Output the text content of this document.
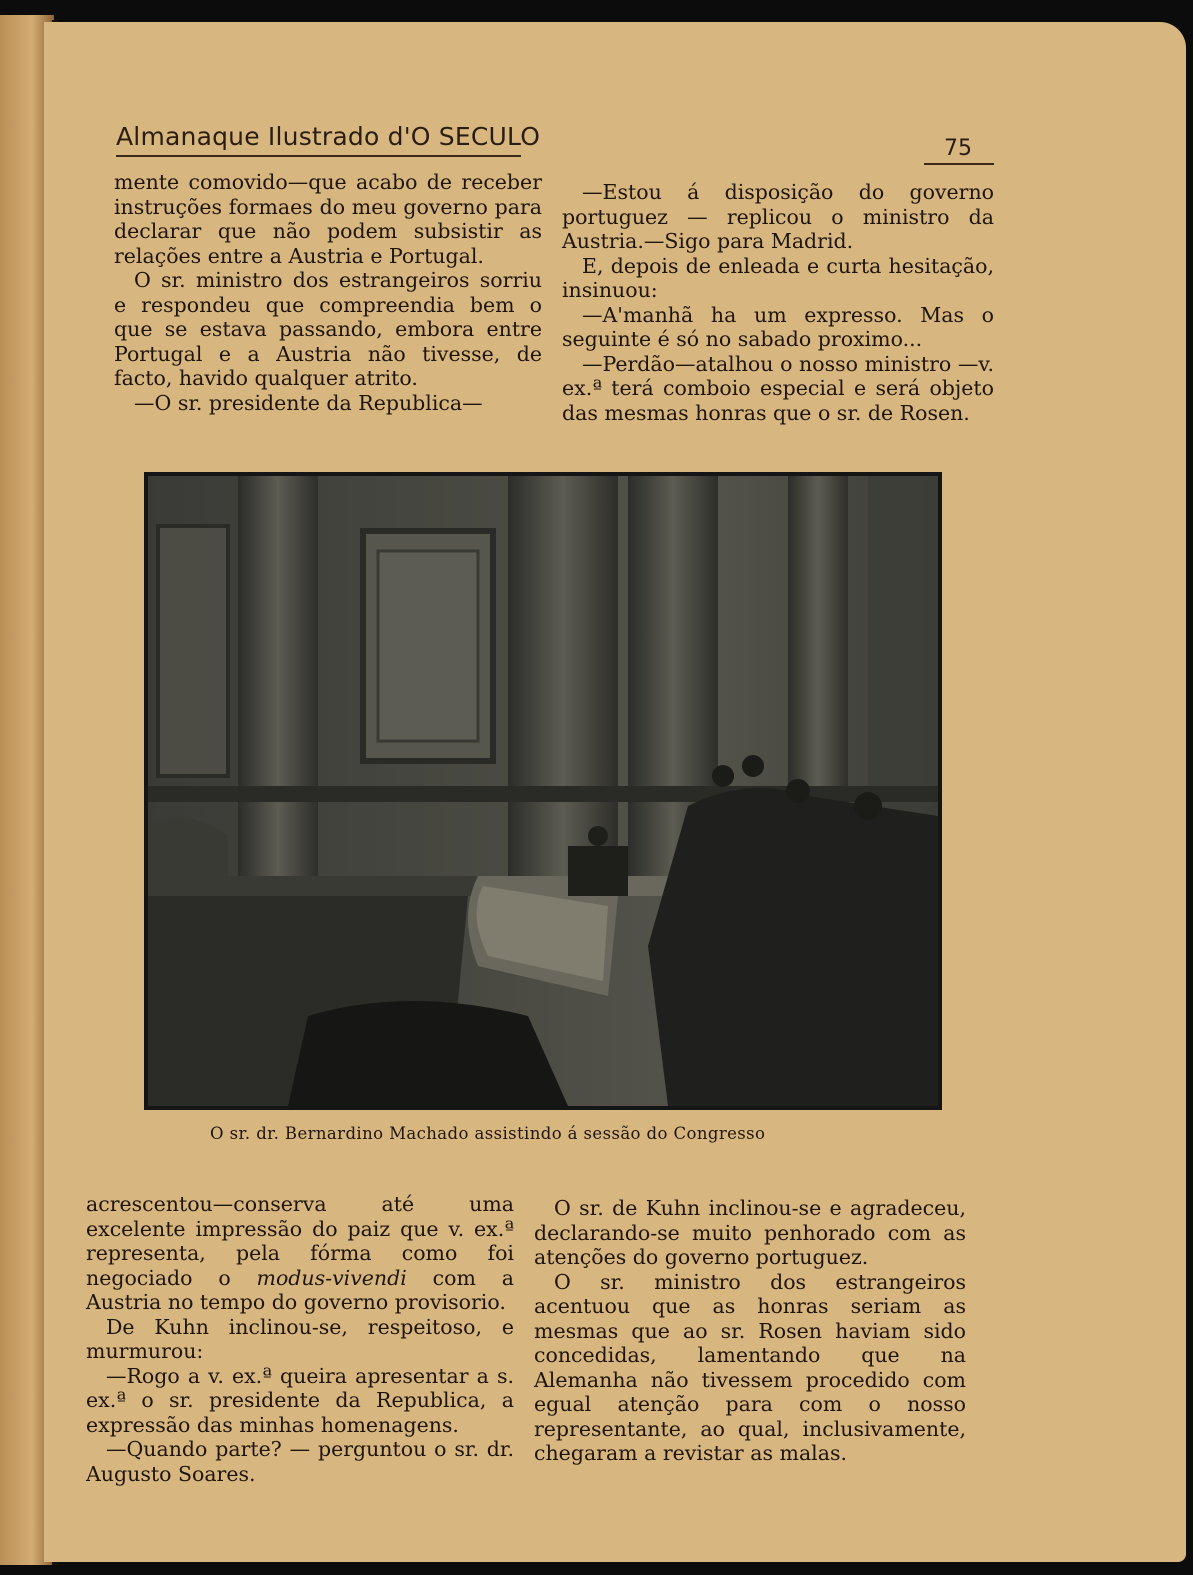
Almanaque Ilustrado d'O SECULO	75

mente comovido—que acabo de receber instruções formaes do meu governo para declarar que não podem subsistir as relações entre a Austria e Portugal.

O sr. ministro dos estrangeiros sorriu e respondeu que compreendia bem o que se estava passando, embora entre Portugal e a Austria não tivesse, de facto, havido qualquer atrito.

—O sr. presidente da Republica—

—Estou á disposição do governo portuguez — replicou o ministro da Austria.—Sigo para Madrid.

E, depois de enleada e curta hesitação, insinuou:

—A'manhã ha um expresso. Mas o seguinte é só no sabado proximo...

—Perdão—atalhou o nosso ministro —v. ex.ª terá comboio especial e será objeto das mesmas honras que o sr. de Rosen.

O sr. dr. Bernardino Machado assistindo á sessão do Congresso

acrescentou—conserva até uma excelente impressão do paiz que v. ex.ª representa, pela fórma como foi negociado o modus-vivendi com a Austria no tempo do governo provisorio.

De Kuhn inclinou-se, respeitoso, e murmurou:

—Rogo a v. ex.ª queira apresentar a s. ex.ª o sr. presidente da Republica, a expressão das minhas homenagens.

—Quando parte? — perguntou o sr. dr. Augusto Soares.

O sr. de Kuhn inclinou-se e agradeceu, declarando-se muito penhorado com as atenções do governo portuguez.

O sr. ministro dos estrangeiros acentuou que as honras seriam as mesmas que ao sr. Rosen haviam sido concedidas, lamentando que na Alemanha não tivessem procedido com egual atenção para com o nosso representante, ao qual, inclusivamente, chegaram a revistar as malas.
